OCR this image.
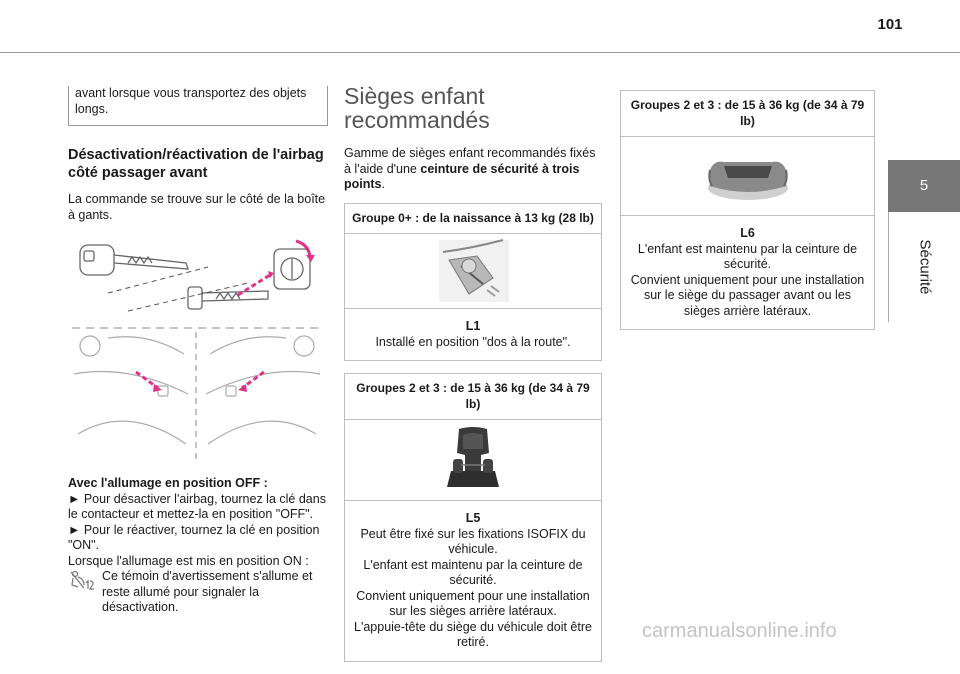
101
5
Sécurité

avant lorsque vous transportez des objets longs.

Désactivation/réactivation de l'airbag côté passager avant

La commande se trouve sur le côté de la boîte à gants.

Avec l'allumage en position OFF :

► Pour désactiver l'airbag, tournez la clé dans le contacteur et mettez-la en position "OFF".

► Pour le réactiver, tournez la clé en position "ON".

Lorsque l'allumage est mis en position ON :

Ce témoin d'avertissement s'allume et reste allumé pour signaler la désactivation.

Sièges enfant recommandés

Gamme de sièges enfant recommandés fixés à l'aide d'une ceinture de sécurité à trois points.

Groupe 0+ : de la naissance à 13 kg (28 lb)
L1
Installé en position "dos à la route".
Groupes 2 et 3 : de 15 à 36 kg (de 34 à 79 lb)
L5
Peut être fixé sur les fixations ISOFIX du véhicule.
L'enfant est maintenu par la ceinture de sécurité.
Convient uniquement pour une installation sur les sièges arrière latéraux.
L'appuie-tête du siège du véhicule doit être retiré.
Groupes 2 et 3 : de 15 à 36 kg (de 34 à 79 lb)
L6
L'enfant est maintenu par la ceinture de sécurité.
Convient uniquement pour une installation sur le siège du passager avant ou les sièges arrière latéraux.
carmanualsonline.info
